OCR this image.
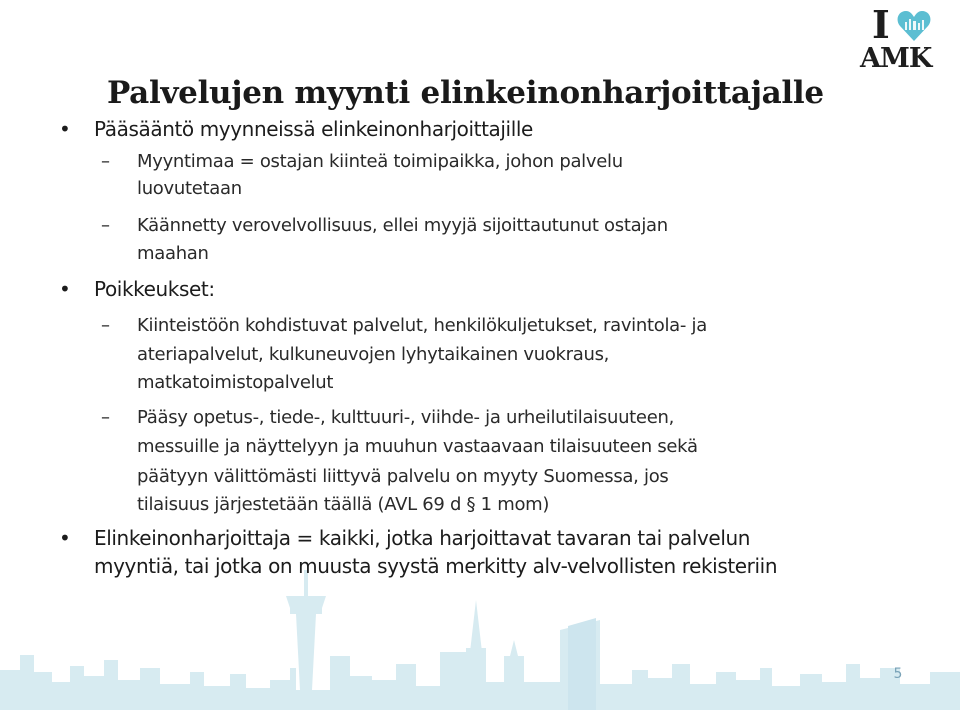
Palvelujen myynti elinkeinonharjoittajalle
I
AMK
• Pääsääntö myynneissä elinkeinonharjoittajille
– Myyntimaa = ostajan kiinteä toimipaikka, johon palvelu
luovutetaan
– Käännetty verovelvollisuus, ellei myyjä sijoittautunut ostajan
maahan
• Poikkeukset:
– Kiinteistöön kohdistuvat palvelut, henkilökuljetukset, ravintola- ja
ateriapalvelut, kulkuneuvojen lyhytaikainen vuokraus,
matkatoimistopalvelut
– Pääsy opetus-, tiede-, kulttuuri-, viihde- ja urheilutilaisuuteen,
messuille ja näyttelyyn ja muuhun vastaavaan tilaisuuteen sekä
päätyyn välittömästi liittyvä palvelu on myyty Suomessa, jos
tilaisuus järjestetään täällä (AVL 69 d § 1 mom)
• Elinkeinonharjoittaja = kaikki, jotka harjoittavat tavaran tai palvelun
myyntiä, tai jotka on muusta syystä merkitty alv-velvollisten rekisteriin
5
